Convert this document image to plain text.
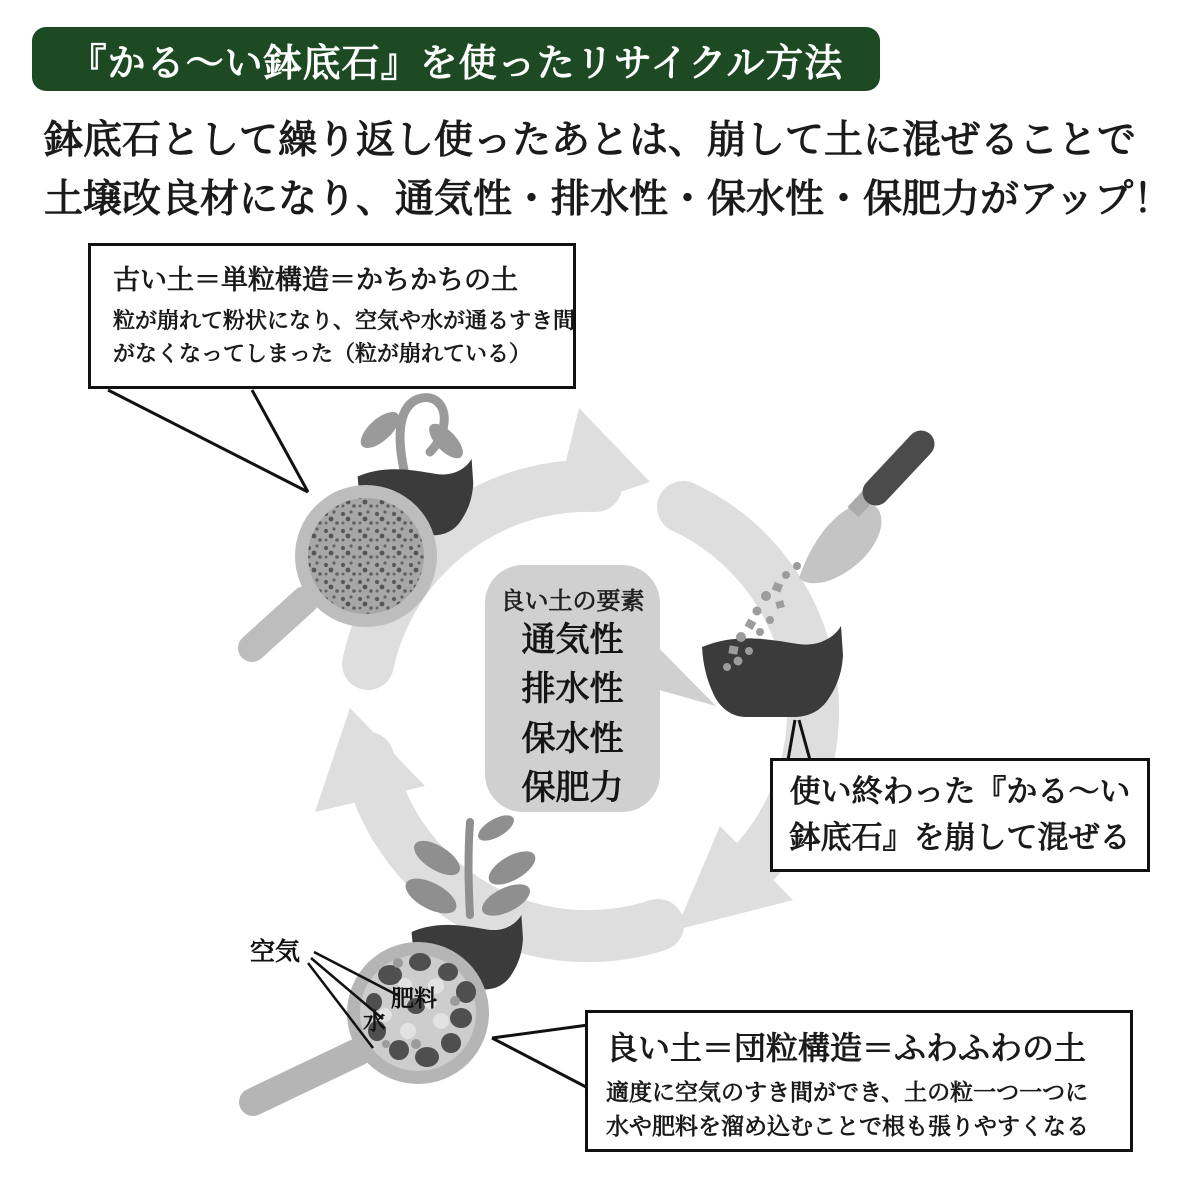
『かる〜い鉢底石』を使ったリサイクル方法
鉢底石として繰り返し使ったあとは、崩して土に混ぜることで
土壌改良材になり、通気性・排水性・保水性・保肥力がアップ！
古い土＝単粒構造＝かちかちの土
粒が崩れて粉状になり、空気や水が通るすき間
がなくなってしまった（粒が崩れている）
良い土の要素
通気性
排水性
保水性
保肥力	使い終わった『かる〜い
鉢底石』を崩して混ぜる
良い土＝団粒構造＝ふわふわの土
適度に空気のすき間ができ、土の粒一つ一つに
水や肥料を溜め込むことで根も張りやすくなる
空気
肥料
水
